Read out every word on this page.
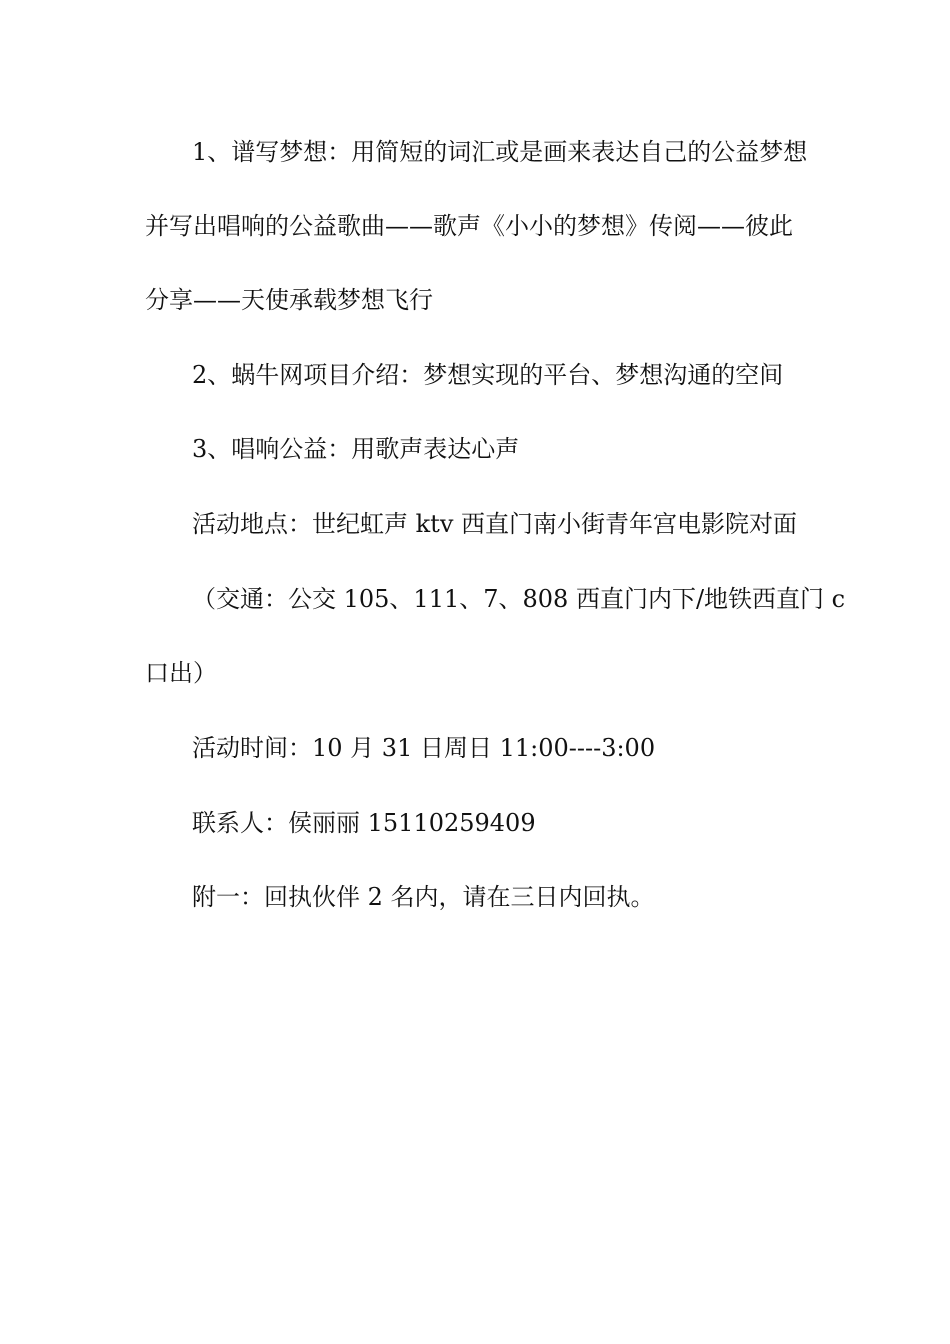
1、谱写梦想：用简短的词汇或是画来表达自己的公益梦想

并写出唱响的公益歌曲——歌声《小小的梦想》传阅——彼此

分享——天使承载梦想飞行

2、蜗牛网项目介绍：梦想实现的平台、梦想沟通的空间

3、唱响公益：用歌声表达心声

活动地点：世纪虹声 ktv 西直门南小街青年宫电影院对面

（交通：公交 105、111、7、808 西直门内下/地铁西直门 c

口出）

活动时间：10 月 31 日周日 11:00----3:00

联系人：侯丽丽 15110259409

附一：回执伙伴 2 名内，请在三日内回执。
